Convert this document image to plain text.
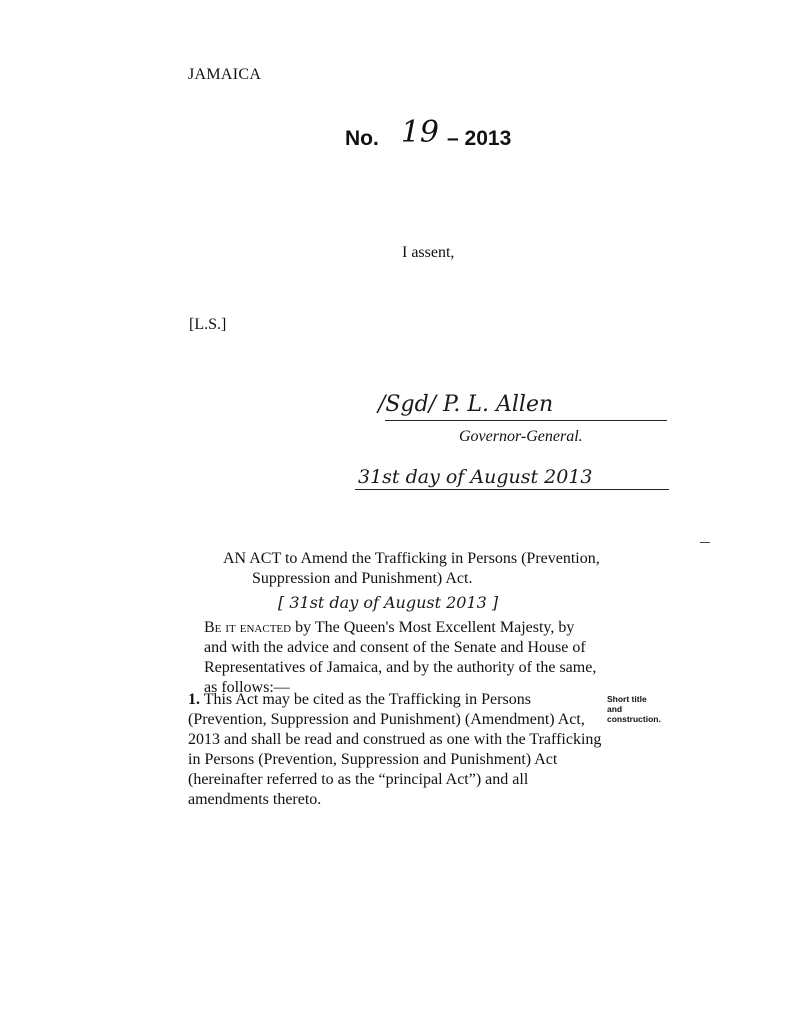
JAMAICA
No. 19 – 2013
I assent,
[L.S.]
/Sgd/ P. L. Allen
Governor-General.
31st day of August 2013
AN ACT to Amend the Trafficking in Persons (Prevention,
Suppression and Punishment) Act.
[ 31st day of August 2013 ]
Be it enacted by The Queen's Most Excellent Majesty, by and with the advice and consent of the Senate and House of Representatives of Jamaica, and by the authority of the same, as follows:—
1. This Act may be cited as the Trafficking in Persons (Prevention, Suppression and Punishment) (Amendment) Act, 2013 and shall be read and construed as one with the Trafficking in Persons (Prevention, Suppression and Punishment) Act (hereinafter referred to as the “principal Act”) and all amendments thereto.
Short title
and
construction.
